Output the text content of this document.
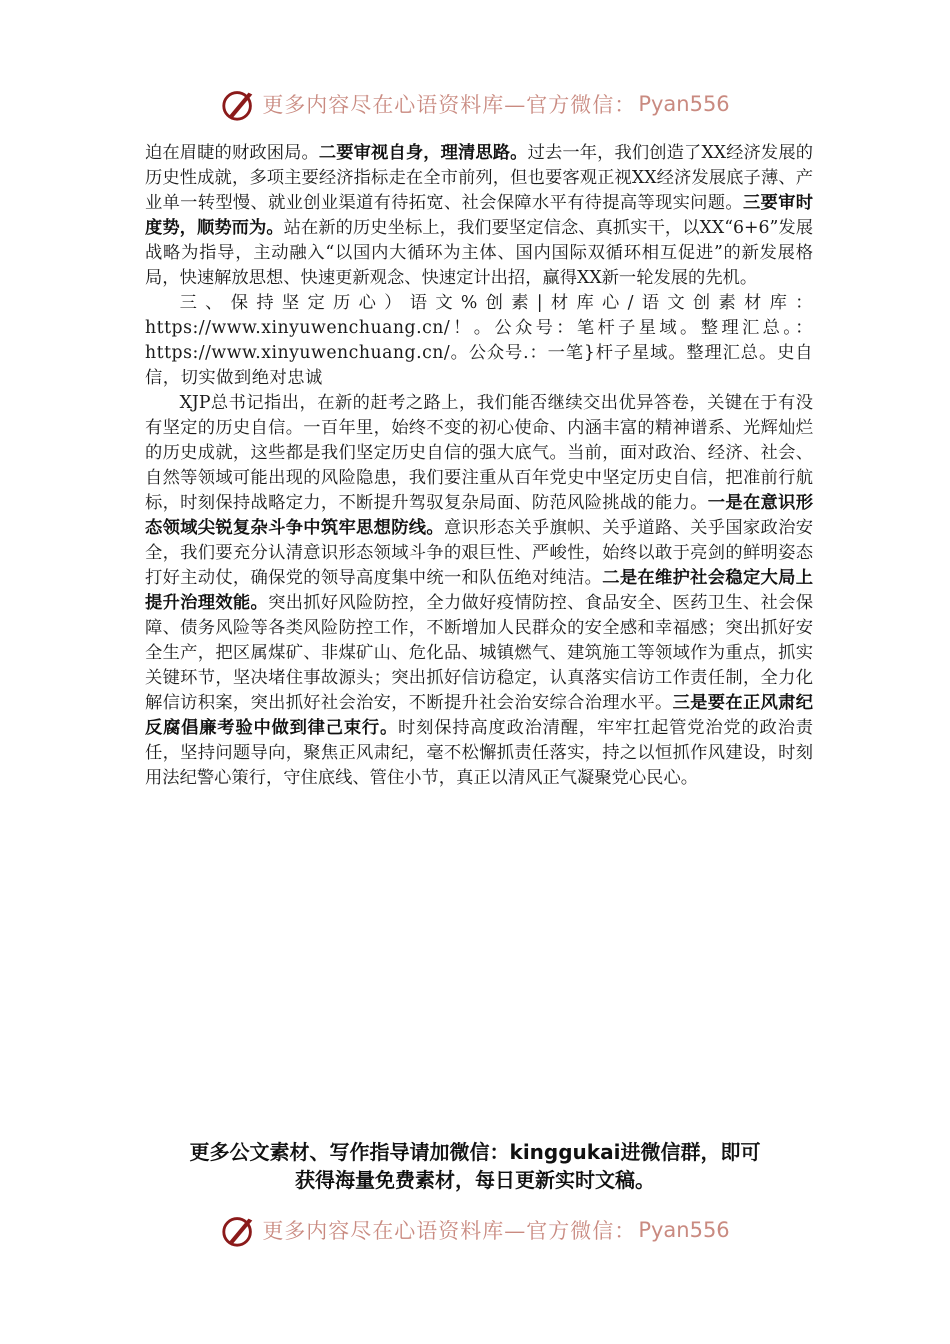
更多内容尽在心语资料库—官方微信： Pyan556

迫在眉睫的财政困局。二要审视自身，理清思路。过去一年，我们创造了XX经济发展的历史性成就，多项主要经济指标走在全市前列，但也要客观正视XX经济发展底子薄、产业单一转型慢、就业创业渠道有待拓宽、社会保障水平有待提高等现实问题。三要审时度势，顺势而为。站在新的历史坐标上，我们要坚定信念、真抓实干，以XX“6+6”发展战略为指导，主动融入“以国内大循环为主体、国内国际双循环相互促进”的新发展格局，快速解放思想、快速更新观念、快速定计出招，赢得XX新一轮发展的先机。

三、保持坚定历心）语文%创素|材库心/语文创素材库：https://www.xinyuwenchuang.cn/！。公众号：笔杆子星域。整理汇总。：https://www.xinyuwenchuang.cn/。公众号.：一笔}杆子星域。整理汇总。史自信，切实做到绝对忠诚

XJP总书记指出，在新的赶考之路上，我们能否继续交出优异答卷，关键在于有没有坚定的历史自信。一百年里，始终不变的初心使命、内涵丰富的精神谱系、光辉灿烂的历史成就，这些都是我们坚定历史自信的强大底气。当前，面对政治、经济、社会、自然等领域可能出现的风险隐患，我们要注重从百年党史中坚定历史自信，把准前行航标，时刻保持战略定力，不断提升驾驭复杂局面、防范风险挑战的能力。一是在意识形态领域尖锐复杂斗争中筑牢思想防线。意识形态关乎旗帜、关乎道路、关乎国家政治安全，我们要充分认清意识形态领域斗争的艰巨性、严峻性，始终以敢于亮剑的鲜明姿态打好主动仗，确保党的领导高度集中统一和队伍绝对纯洁。二是在维护社会稳定大局上提升治理效能。突出抓好风险防控，全力做好疫情防控、食品安全、医药卫生、社会保障、债务风险等各类风险防控工作，不断增加人民群众的安全感和幸福感；突出抓好安全生产，把区属煤矿、非煤矿山、危化品、城镇燃气、建筑施工等领域作为重点，抓实关键环节，坚决堵住事故源头；突出抓好信访稳定，认真落实信访工作责任制，全力化解信访积案，突出抓好社会治安，不断提升社会治安综合治理水平。三是要在正风肃纪反腐倡廉考验中做到律己束行。时刻保持高度政治清醒，牢牢扛起管党治党的政治责任，坚持问题导向，聚焦正风肃纪，毫不松懈抓责任落实，持之以恒抓作风建设，时刻用法纪警心策行，守住底线、管住小节，真正以清风正气凝聚党心民心。

更多公文素材、写作指导请加微信：kinggukai进微信群，即可
获得海量免费素材，每日更新实时文稿。
更多内容尽在心语资料库—官方微信： Pyan556
